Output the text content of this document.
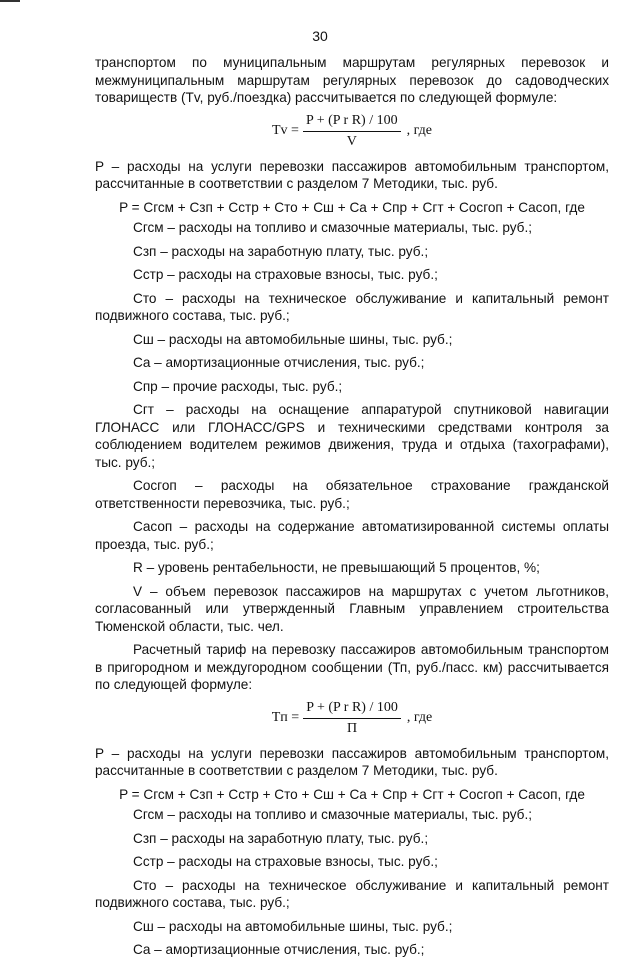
30

транспортом по муниципальным маршрутам регулярных перевозок и межмуниципальным маршрутам регулярных перевозок до садоводческих товариществ (Tv, руб./поездка) рассчитывается по следующей формуле:

$Tv = \frac{\text{P + (P r R) / 100}}{V}$ , где

P – расходы на услуги перевозки пассажиров автомобильным транспортом, рассчитанные в соответствии с разделом 7 Методики, тыс. руб.

P = Cгсм + Cзп + Cстр + Cто + Cш + Cа + Cпр + Cгт + Cосгоп + Cасоп, где

Cгсм – расходы на топливо и смазочные материалы, тыс. руб.;

Cзп – расходы на заработную плату, тыс. руб.;

Cстр – расходы на страховые взносы, тыс. руб.;

Cто – расходы на техническое обслуживание и капитальный ремонт подвижного состава, тыс. руб.;

Cш – расходы на автомобильные шины, тыс. руб.;

Cа – амортизационные отчисления, тыс. руб.;

Cпр – прочие расходы, тыс. руб.;

Cгт – расходы на оснащение аппаратурой спутниковой навигации ГЛОНАСС или ГЛОНАСС/GPS и техническими средствами контроля за соблюдением водителем режимов движения, труда и отдыха (тахографами), тыс. руб.;

Cосгоп – расходы на обязательное страхование гражданской ответственности перевозчика, тыс. руб.;

Cасоп – расходы на содержание автоматизированной системы оплаты проезда, тыс. руб.;

R – уровень рентабельности, не превышающий 5 процентов, %;

V – объем перевозок пассажиров на маршрутах с учетом льготников, согласованный или утвержденный Главным управлением строительства Тюменской области, тыс. чел.

Расчетный тариф на перевозку пассажиров автомобильным транспортом в пригородном и междугородном сообщении (Тп, руб./пасс. км) рассчитывается по следующей формуле:

Tп = $\frac{\text{P + (P r R) / 100}}{П}$ , где

P – расходы на услуги перевозки пассажиров автомобильным транспортом, рассчитанные в соответствии с разделом 7 Методики, тыс. руб.

P = Cгсм + Cзп + Cстр + Cто + Cш + Cа + Cпр + Cгт + Cосгоп + Cасоп, где

Cгсм – расходы на топливо и смазочные материалы, тыс. руб.;

Cзп – расходы на заработную плату, тыс. руб.;

Cстр – расходы на страховые взносы, тыс. руб.;

Cто – расходы на техническое обслуживание и капитальный ремонт подвижного состава, тыс. руб.;

Cш – расходы на автомобильные шины, тыс. руб.;

Cа – амортизационные отчисления, тыс. руб.;
